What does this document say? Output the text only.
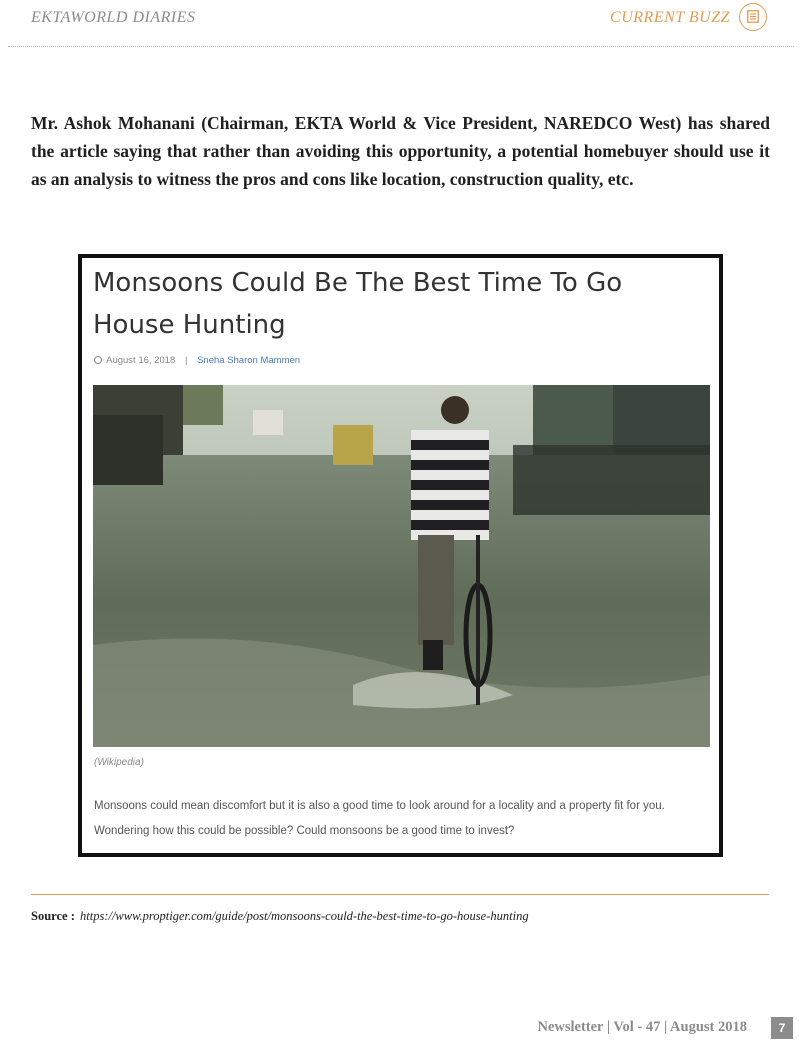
EKTAWORLD DIARIES	CURRENT BUZZ

Mr. Ashok Mohanani (Chairman, EKTA World & Vice President, NAREDCO West) has shared the article saying that rather than avoiding this opportunity, a potential homebuyer should use it as an analysis to witness the pros and cons like location, construction quality, etc.

Monsoons Could Be The Best Time To Go House Hunting
August 16, 2018 | Sneha Sharon Mammen
(Wikipedia)

Monsoons could mean discomfort but it is also a good time to look around for a locality and a property fit for you. Wondering how this could be possible? Could monsoons be a good time to invest?

Source : https://www.proptiger.com/guide/post/monsoons-could-the-best-time-to-go-house-hunting
Newsletter | Vol - 47 | August 2018	7
